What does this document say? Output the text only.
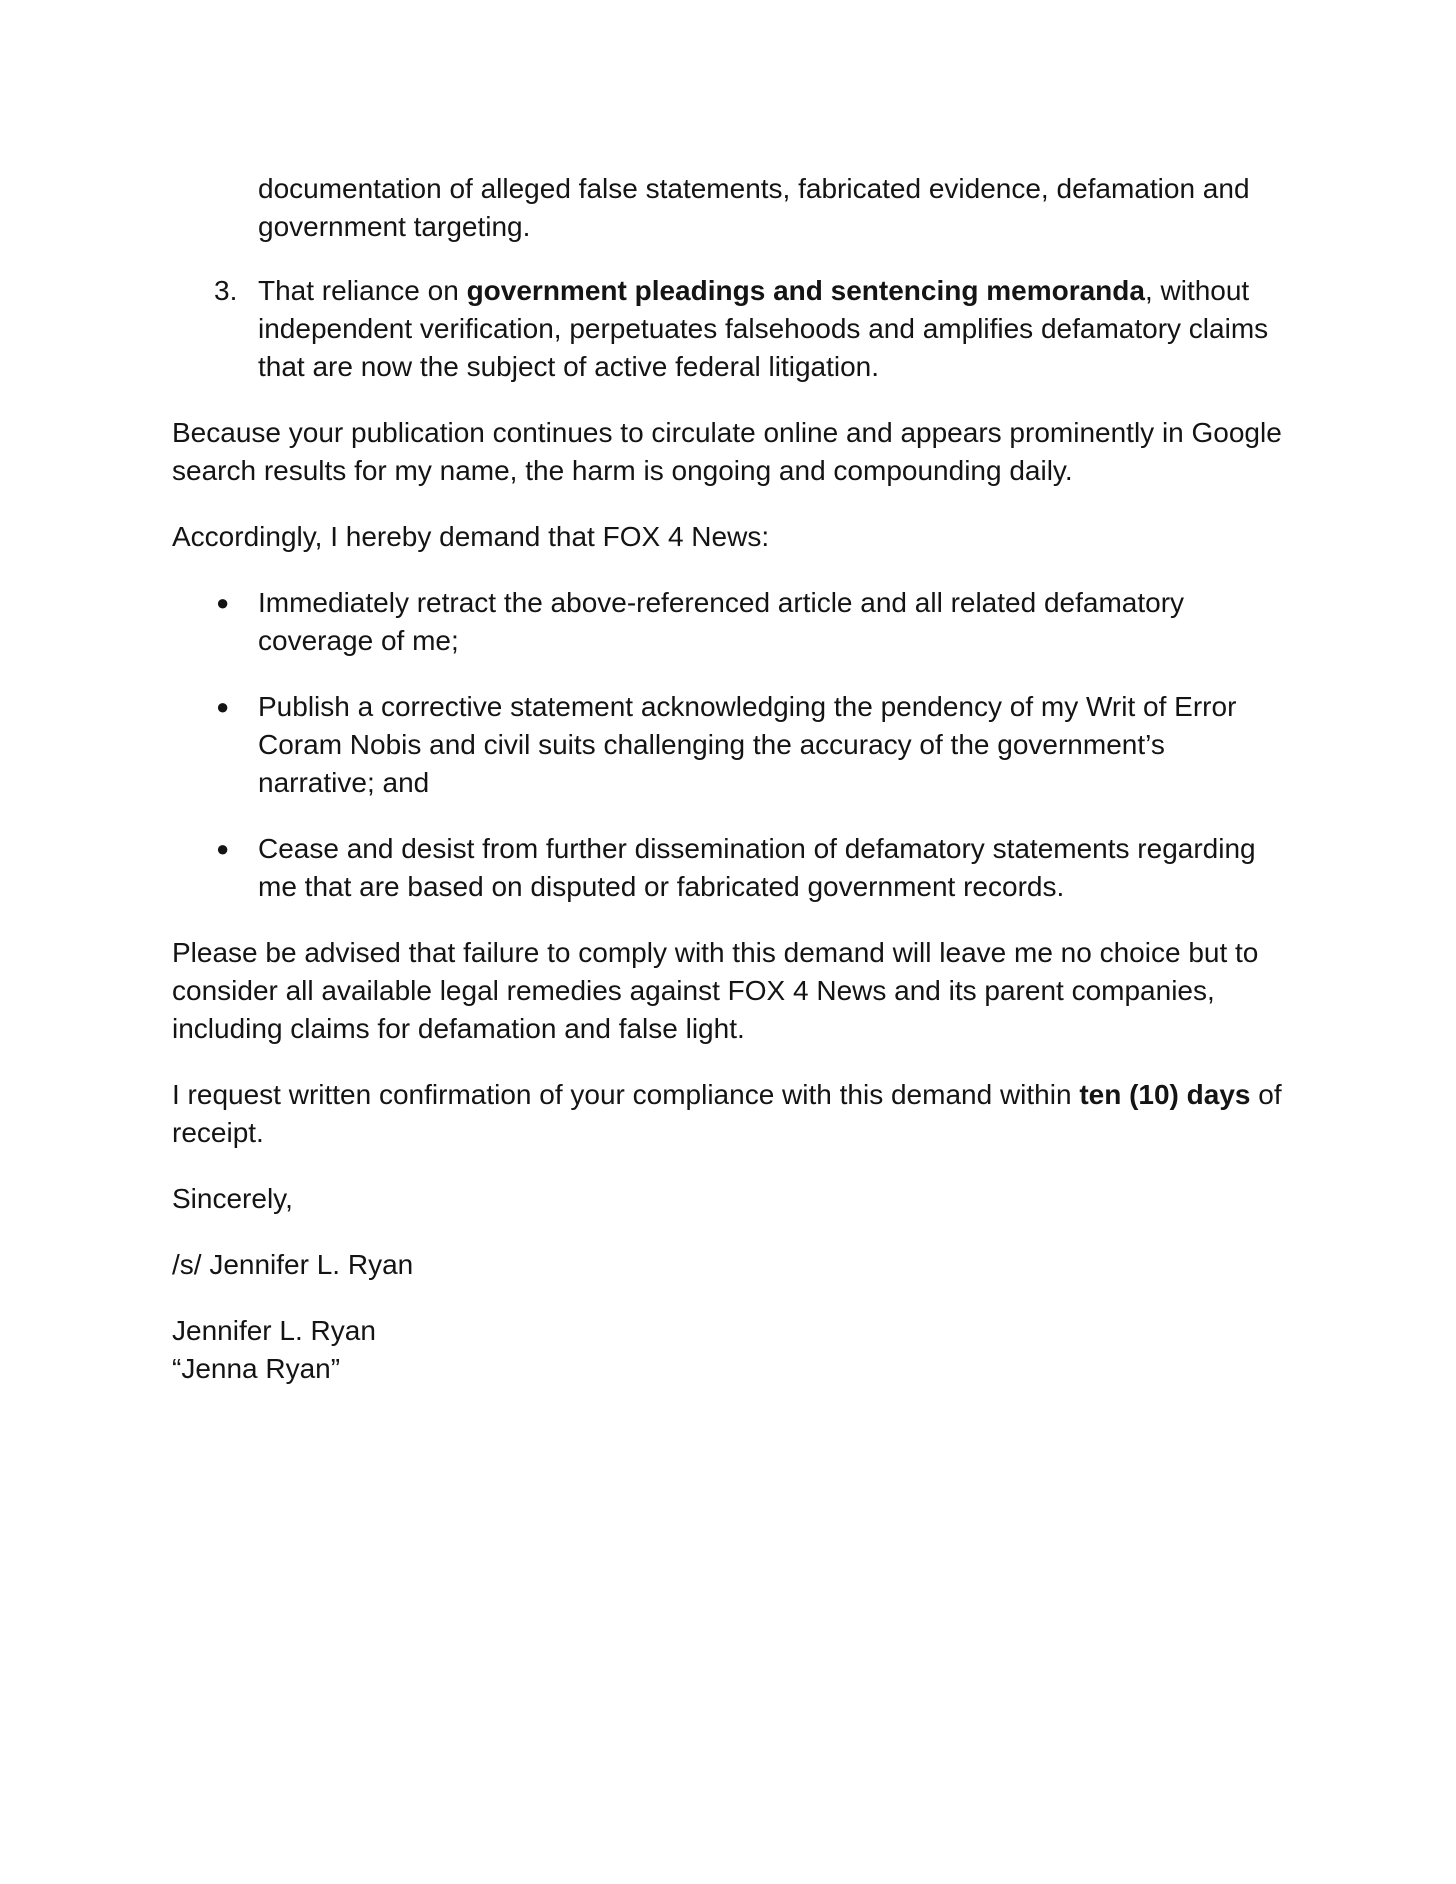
documentation of alleged false statements, fabricated evidence, defamation and government targeting.

3. That reliance on government pleadings and sentencing memoranda, without independent verification, perpetuates falsehoods and amplifies defamatory claims that are now the subject of active federal litigation.

Because your publication continues to circulate online and appears prominently in Google search results for my name, the harm is ongoing and compounding daily.

Accordingly, I hereby demand that FOX 4 News:

● Immediately retract the above-referenced article and all related defamatory coverage of me;

● Publish a corrective statement acknowledging the pendency of my Writ of Error Coram Nobis and civil suits challenging the accuracy of the government’s narrative; and

● Cease and desist from further dissemination of defamatory statements regarding me that are based on disputed or fabricated government records.

Please be advised that failure to comply with this demand will leave me no choice but to consider all available legal remedies against FOX 4 News and its parent companies, including claims for defamation and false light.

I request written confirmation of your compliance with this demand within ten (10) days of receipt.

Sincerely,

/s/ Jennifer L. Ryan

Jennifer L. Ryan

“Jenna Ryan”
